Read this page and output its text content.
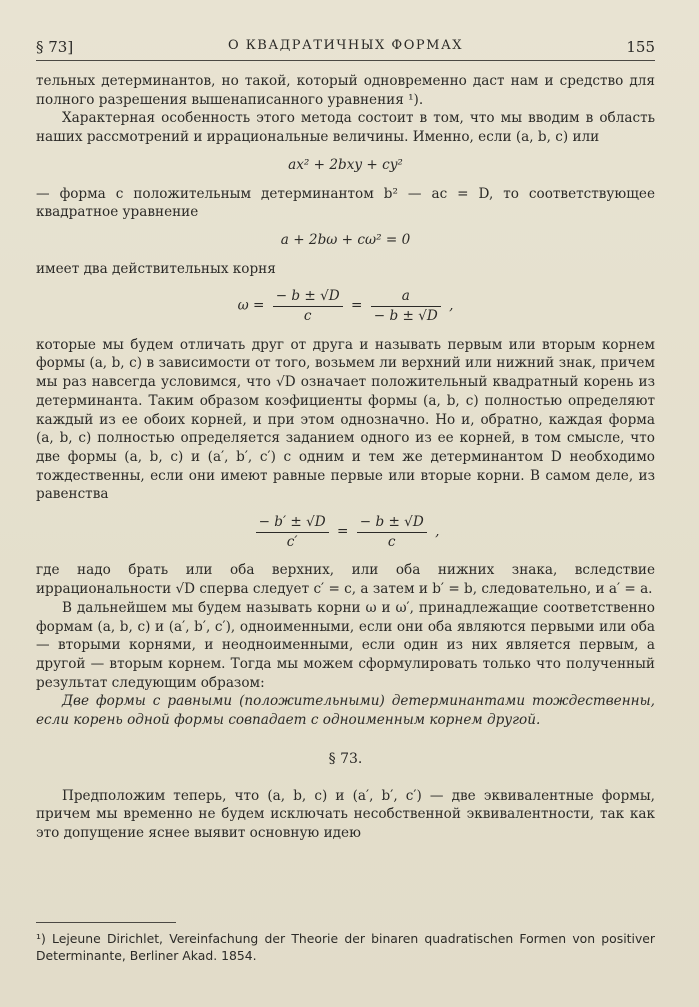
§ 73]	О КВАДРАТИЧНЫХ ФОРМАХ	155

тельных детерминантов, но такой, который одновременно даст нам и средство для полного разрешения вышенаписанного уравнения ¹).

Характерная особенность этого метода состоит в том, что мы вводим в область наших рассмотрений и иррациональные величины. Именно, если (a, b, c) или

ax² + 2bxy + cy²

— форма с положительным детерминантом b² — ac = D, то соответствующее квадратное уравнение

a + 2bω + cω² = 0

имеет два действительных корня

$\omega = \frac{- b \pm √D}{c} = \frac{a}{- b \pm √D}$ ,

которые мы будем отличать друг от друга и называть первым или вторым корнем формы (a, b, c) в зависимости от того, возьмем ли верхний или нижний знак, причем мы раз навсегда условимся, что √D означает положительный квадратный корень из детерминанта. Таким образом коэфициенты формы (a, b, c) полностью определяют каждый из ее обоих корней, и при этом однозначно. Но и, обратно, каждая форма (a, b, c) полностью определяется заданием одного из ее корней, в том смысле, что две формы (a, b, c) и (a′, b′, c′) с одним и тем же детерминантом D необходимо тождественны, если они имеют равные первые или вторые корни. В самом деле, из равенства

$\frac{- b' \pm √D}{c'} = \frac{- b \pm √D}{c}$ ,

где надо брать или оба верхних, или оба нижних знака, вследствие иррациональности √D сперва следует c′ = c, а затем и b′ = b, следовательно, и a′ = a.

В дальнейшем мы будем называть корни ω и ω′, принадлежащие соответственно формам (a, b, c) и (a′, b′, c′), одноименными, если они оба являются первыми или оба — вторыми корнями, и неодноименными, если один из них является первым, а другой — вторым корнем. Тогда мы можем сформулировать только что полученный результат следующим образом:

Две формы с равными (положительными) детерминантами тождественны, если корень одной формы совпадает с одноименным корнем другой.

§ 73.

Предположим теперь, что (a, b, c) и (a′, b′, c′) — две эквивалентные формы, причем мы временно не будем исключать несобственной эквивалентности, так как это допущение яснее выявит основную идею

¹) Lejeune Dirichlet, Vereinfachung der Theorie der binaren quadratischen Formen von positiver Determinante, Berliner Akad. 1854.
